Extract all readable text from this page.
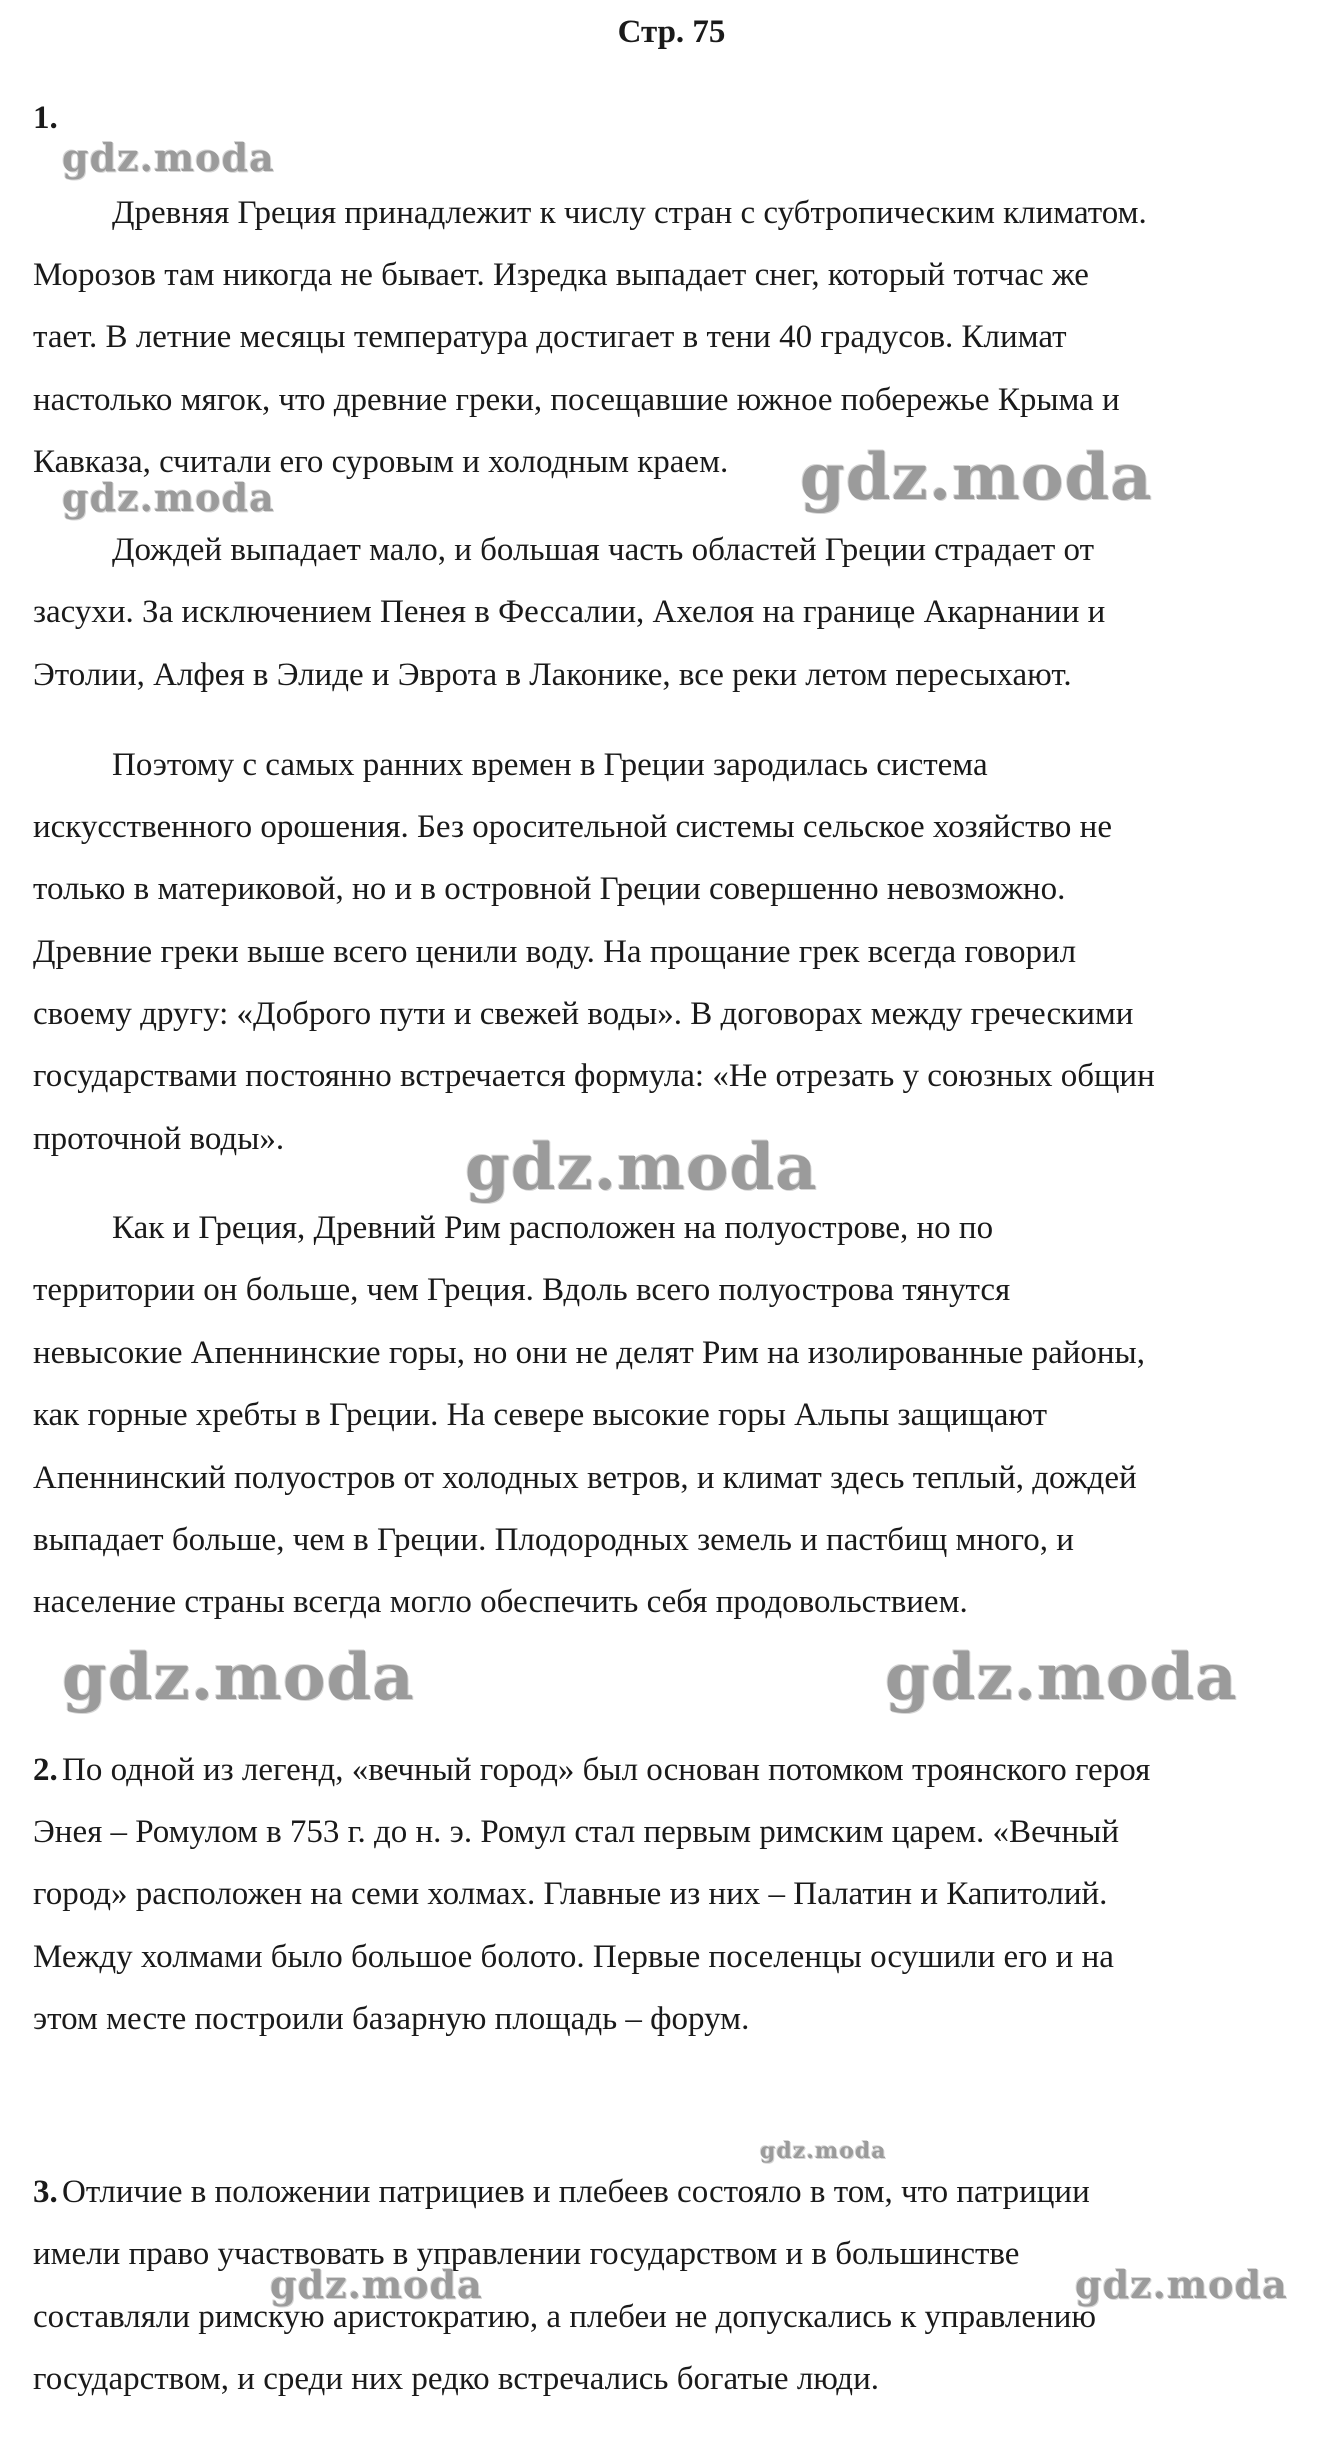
Стр. 75
1.
Древняя Греция принадлежит к числу стран с субтропическим климатом.
Морозов там никогда не бывает. Изредка выпадает снег, который тотчас же
тает. В летние месяцы температура достигает в тени 40 градусов. Климат
настолько мягок, что древние греки, посещавшие южное побережье Крыма и
Кавказа, считали его суровым и холодным краем.
Дождей выпадает мало, и большая часть областей Греции страдает от
засухи. За исключением Пенея в Фессалии, Ахелоя на границе Акарнании и
Этолии, Алфея в Элиде и Эврота в Лаконике, все реки летом пересыхают.
Поэтому с самых ранних времен в Греции зародилась система
искусственного орошения. Без оросительной системы сельское хозяйство не
только в материковой, но и в островной Греции совершенно невозможно.
Древние греки выше всего ценили воду. На прощание грек всегда говорил
своему другу: «Доброго пути и свежей воды». В договорах между греческими
государствами постоянно встречается формула: «Не отрезать у союзных общин
проточной воды».
Как и Греция, Древний Рим расположен на полуострове, но по
территории он больше, чем Греция. Вдоль всего полуострова тянутся
невысокие Апеннинские горы, но они не делят Рим на изолированные районы,
как горные хребты в Греции. На севере высокие горы Альпы защищают
Апеннинский полуостров от холодных ветров, и климат здесь теплый, дождей
выпадает больше, чем в Греции. Плодородных земель и пастбищ много, и
население страны всегда могло обеспечить себя продовольствием.
2. По одной из легенд, «вечный город» был основан потомком троянского героя
Энея – Ромулом в 753 г. до н. э. Ромул стал первым римским царем. «Вечный
город» расположен на семи холмах. Главные из них – Палатин и Капитолий.
Между холмами было большое болото. Первые поселенцы осушили его и на
этом месте построили базарную площадь – форум.
3. Отличие в положении патрициев и плебеев состояло в том, что патриции
имели право участвовать в управлении государством и в большинстве
составляли римскую аристократию, а плебеи не допускались к управлению
государством, и среди них редко встречались богатые люди.
gdz.moda
gdz.moda	gdz.moda
gdz.moda
gdz.moda	gdz.moda
gdz.moda
gdz.moda	gdz.moda
